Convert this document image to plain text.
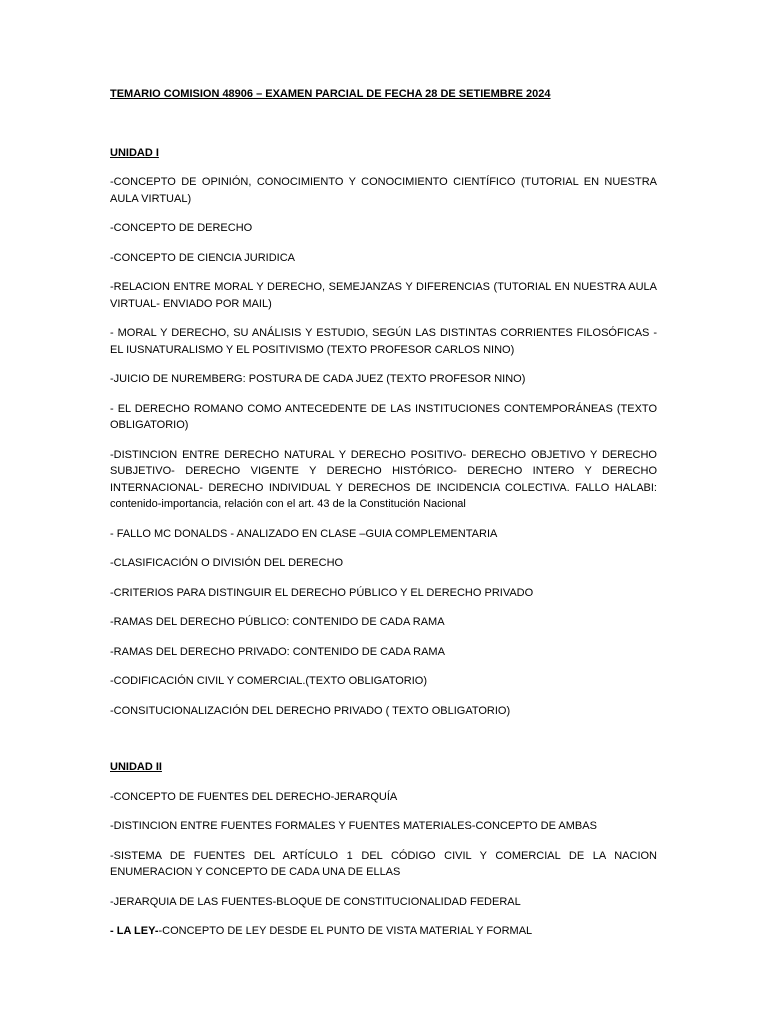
TEMARIO COMISION 48906 – EXAMEN PARCIAL DE FECHA 28 DE SETIEMBRE 2024

UNIDAD I

-CONCEPTO DE OPINIÓN, CONOCIMIENTO Y CONOCIMIENTO CIENTÍFICO (TUTORIAL EN NUESTRA AULA VIRTUAL)

-CONCEPTO DE DERECHO

-CONCEPTO DE CIENCIA JURIDICA

-RELACION ENTRE MORAL Y DERECHO, SEMEJANZAS Y DIFERENCIAS (TUTORIAL EN NUESTRA AULA VIRTUAL- ENVIADO POR MAIL)

- MORAL Y DERECHO, SU ANÁLISIS Y ESTUDIO, SEGÚN LAS DISTINTAS CORRIENTES FILOSÓFICAS -EL IUSNATURALISMO Y EL POSITIVISMO (TEXTO PROFESOR CARLOS NINO)

-JUICIO DE NUREMBERG: POSTURA DE CADA JUEZ (TEXTO PROFESOR NINO)

- EL DERECHO ROMANO COMO ANTECEDENTE DE LAS INSTITUCIONES CONTEMPORÁNEAS (TEXTO OBLIGATORIO)

-DISTINCION ENTRE DERECHO NATURAL Y DERECHO POSITIVO- DERECHO OBJETIVO Y DERECHO SUBJETIVO- DERECHO VIGENTE Y DERECHO HISTÓRICO- DERECHO INTERO Y DERECHO INTERNACIONAL- DERECHO INDIVIDUAL Y DERECHOS DE INCIDENCIA COLECTIVA. FALLO HALABI: contenido-importancia, relación con el art. 43 de la Constitución Nacional

- FALLO MC DONALDS - ANALIZADO EN CLASE –GUIA COMPLEMENTARIA

-CLASIFICACIÓN O DIVISIÓN DEL DERECHO

-CRITERIOS PARA DISTINGUIR EL DERECHO PÚBLICO Y EL DERECHO PRIVADO

-RAMAS DEL DERECHO PÚBLICO: CONTENIDO DE CADA RAMA

-RAMAS DEL DERECHO PRIVADO: CONTENIDO DE CADA RAMA

-CODIFICACIÓN CIVIL Y COMERCIAL.(TEXTO OBLIGATORIO)

-CONSITUCIONALIZACIÓN DEL DERECHO PRIVADO ( TEXTO OBLIGATORIO)

UNIDAD II

-CONCEPTO DE FUENTES DEL DERECHO-JERARQUÍA

-DISTINCION ENTRE FUENTES FORMALES Y FUENTES MATERIALES-CONCEPTO DE AMBAS

-SISTEMA DE FUENTES DEL ARTÍCULO 1 DEL CÓDIGO CIVIL Y COMERCIAL DE LA NACION ENUMERACION Y CONCEPTO DE CADA UNA DE ELLAS

-JERARQUIA DE LAS FUENTES-BLOQUE DE CONSTITUCIONALIDAD FEDERAL

- LA LEY--CONCEPTO DE LEY DESDE EL PUNTO DE VISTA MATERIAL Y FORMAL
